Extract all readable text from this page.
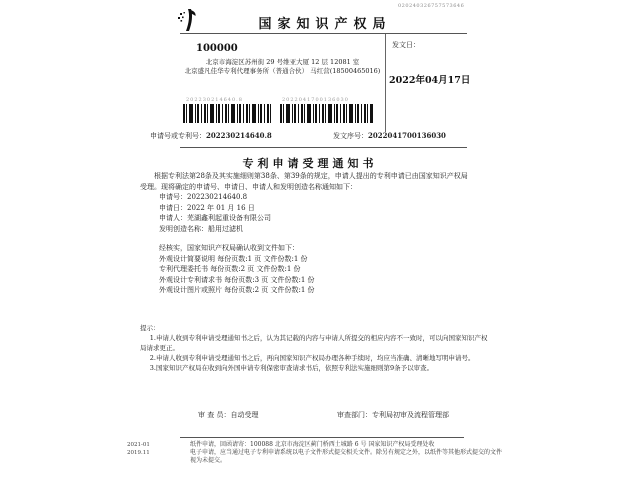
020240326757573646
国家知识产权局
100000
北京市海淀区苏州街 29 号维亚大厦 12 层 12081 室
北京盛凡佳华专利代理事务所（普通合伙） 马红营(18500465016)
202230214640.8	2022041700136030
发文日：
2022年04月17日
申请号或专利号：202230214640.8	发文序号：2022041700136030
专利申请受理通知书

根据专利法第28条及其实施细则第38条、第39条的规定，申请人提出的专利申请已由国家知识产权局受理。现将确定的申请号、申请日、申请人和发明创造名称通知如下：

申请号：202230214640.8
申请日：2022 年 01 月 16 日
申请人：芜湖鑫利起重设备有限公司
发明创造名称：船用过滤机
经核实，国家知识产权局确认收到文件如下：
外观设计简要说明 每份页数:1 页 文件份数:1 份
专利代理委托书 每份页数:2 页 文件份数:1 份
外观设计专利请求书 每份页数:3 页 文件份数:1 份
外观设计图片或照片 每份页数:2 页 文件份数:1 份

提示：

1.申请人收到专利申请受理通知书之后，认为其记载的内容与申请人所提交的相应内容不一致时，可以向国家知识产权局请求更正。

2.申请人收到专利申请受理通知书之后，再向国家知识产权局办理各种手续时，均应当准确、清晰地写明申请号。

3.国家知识产权局在收到向外国申请专利保密审查请求书后，依照专利法实施细则第9条予以审查。

审 查 员：自动受理	审查部门：专利局初审及流程管理部
2021-01
2019.11

纸件申请，回函请寄：100088 北京市海淀区蓟门桥西土城路 6 号 国家知识产权局受理处收

电子申请，应当通过电子专利申请系统以电子文件形式提交相关文件。除另有规定之外，以纸件等其他形式提交的文件视为未提交。
